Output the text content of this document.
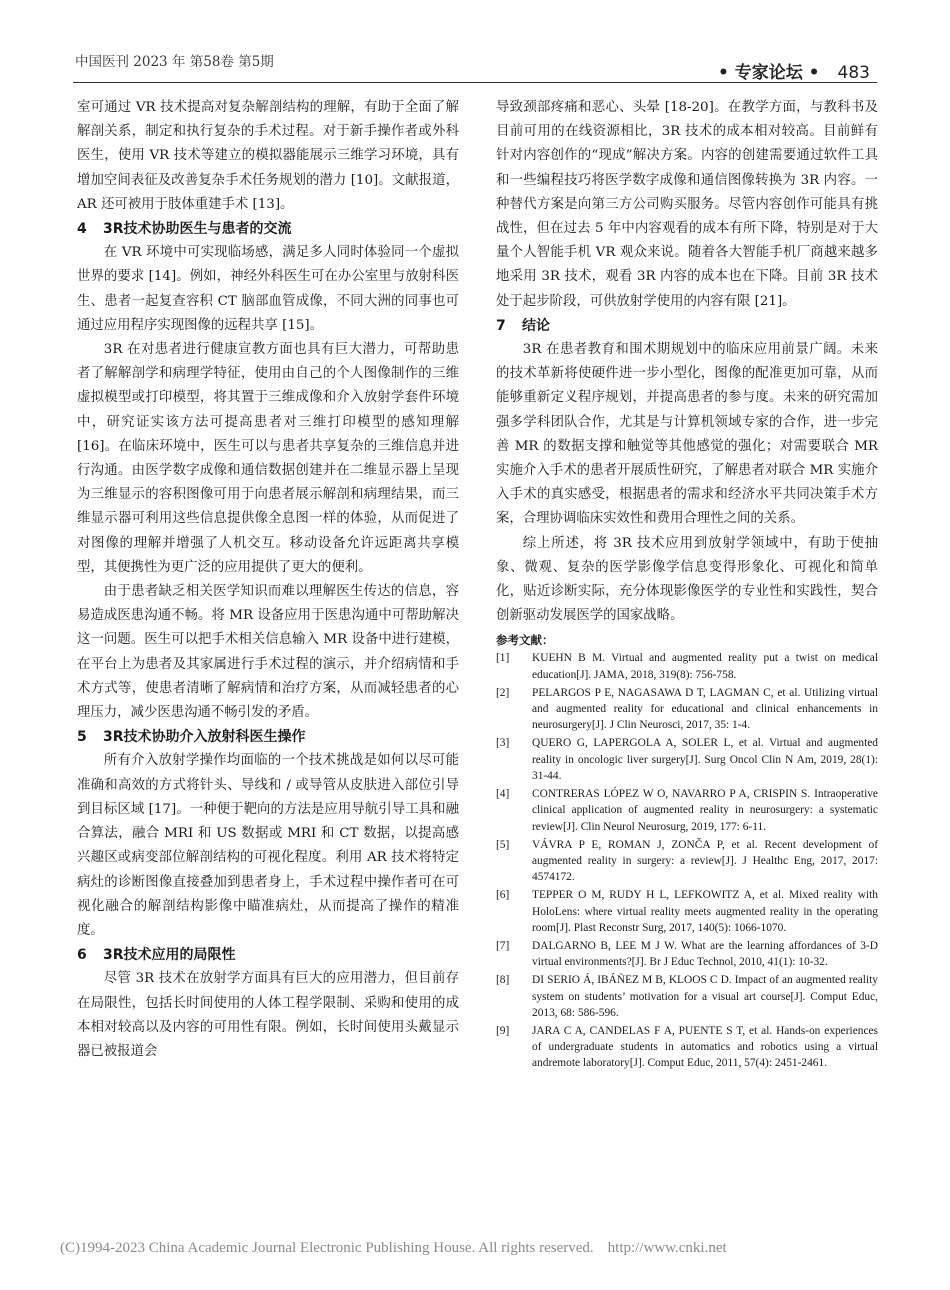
中国医刊 2023 年 第58卷 第5期
• 专家论坛 • 483

室可通过 VR 技术提高对复杂解剖结构的理解，有助于全面了解解剖关系，制定和执行复杂的手术过程。对于新手操作者或外科医生，使用 VR 技术等建立的模拟器能展示三维学习环境，具有增加空间表征及改善复杂手术任务规划的潜力 [10]。文献报道，AR 还可被用于肢体重建手术 [13]。

4 3R技术协助医生与患者的交流

在 VR 环境中可实现临场感，满足多人同时体验同一个虚拟世界的要求 [14]。例如，神经外科医生可在办公室里与放射科医生、患者一起复查容积 CT 脑部血管成像，不同大洲的同事也可通过应用程序实现图像的远程共享 [15]。

3R 在对患者进行健康宣教方面也具有巨大潜力，可帮助患者了解解剖学和病理学特征，使用由自己的个人图像制作的三维虚拟模型或打印模型，将其置于三维成像和介入放射学套件环境中，研究证实该方法可提高患者对三维打印模型的感知理解 [16]。在临床环境中，医生可以与患者共享复杂的三维信息并进行沟通。由医学数字成像和通信数据创建并在二维显示器上呈现为三维显示的容积图像可用于向患者展示解剖和病理结果，而三维显示器可利用这些信息提供像全息图一样的体验，从而促进了对图像的理解并增强了人机交互。移动设备允许远距离共享模型，其便携性为更广泛的应用提供了更大的便利。

由于患者缺乏相关医学知识而难以理解医生传达的信息，容易造成医患沟通不畅。将 MR 设备应用于医患沟通中可帮助解决这一问题。医生可以把手术相关信息输入 MR 设备中进行建模，在平台上为患者及其家属进行手术过程的演示，并介绍病情和手术方式等，使患者清晰了解病情和治疗方案，从而减轻患者的心理压力，减少医患沟通不畅引发的矛盾。

5 3R技术协助介入放射科医生操作

所有介入放射学操作均面临的一个技术挑战是如何以尽可能准确和高效的方式将针头、导线和 / 或导管从皮肤进入部位引导到目标区域 [17]。一种便于靶向的方法是应用导航引导工具和融合算法，融合 MRI 和 US 数据或 MRI 和 CT 数据，以提高感兴趣区或病变部位解剖结构的可视化程度。利用 AR 技术将特定病灶的诊断图像直接叠加到患者身上，手术过程中操作者可在可视化融合的解剖结构影像中瞄准病灶，从而提高了操作的精准度。

6 3R技术应用的局限性

尽管 3R 技术在放射学方面具有巨大的应用潜力，但目前存在局限性，包括长时间使用的人体工程学限制、采购和使用的成本相对较高以及内容的可用性有限。例如，长时间使用头戴显示器已被报道会

导致颈部疼痛和恶心、头晕 [18-20]。在教学方面，与教科书及目前可用的在线资源相比，3R 技术的成本相对较高。目前鲜有针对内容创作的“现成”解决方案。内容的创建需要通过软件工具和一些编程技巧将医学数字成像和通信图像转换为 3R 内容。一种替代方案是向第三方公司购买服务。尽管内容创作可能具有挑战性，但在过去 5 年中内容观看的成本有所下降，特别是对于大量个人智能手机 VR 观众来说。随着各大智能手机厂商越来越多地采用 3R 技术，观看 3R 内容的成本也在下降。目前 3R 技术处于起步阶段，可供放射学使用的内容有限 [21]。

7 结论

3R 在患者教育和围术期规划中的临床应用前景广阔。未来的技术革新将使硬件进一步小型化，图像的配准更加可靠，从而能够重新定义程序规划，并提高患者的参与度。未来的研究需加强多学科团队合作，尤其是与计算机领域专家的合作，进一步完善 MR 的数据支撑和触觉等其他感觉的强化；对需要联合 MR 实施介入手术的患者开展质性研究，了解患者对联合 MR 实施介入手术的真实感受，根据患者的需求和经济水平共同决策手术方案，合理协调临床实效性和费用合理性之间的关系。

综上所述，将 3R 技术应用到放射学领域中，有助于使抽象、微观、复杂的医学影像学信息变得形象化、可视化和简单化，贴近诊断实际，充分体现影像医学的专业性和实践性，契合创新驱动发展医学的国家战略。

参考文献：
[1]	KUEHN B M. Virtual and augmented reality put a twist on medical education[J]. JAMA, 2018, 319(8): 756-758.
[2]	PELARGOS P E, NAGASAWA D T, LAGMAN C, et al. Utilizing virtual and augmented reality for educational and clinical enhancements in neurosurgery[J]. J Clin Neurosci, 2017, 35: 1-4.
[3]	QUERO G, LAPERGOLA A, SOLER L, et al. Virtual and augmented reality in oncologic liver surgery[J]. Surg Oncol Clin N Am, 2019, 28(1): 31-44.
[4]	CONTRERAS LÓPEZ W O, NAVARRO P A, CRISPIN S. Intraoperative clinical application of augmented reality in neurosurgery: a systematic review[J]. Clin Neurol Neurosurg, 2019, 177: 6-11.
[5]	VÁVRA P E, ROMAN J, ZONČA P, et al. Recent development of augmented reality in surgery: a review[J]. J Healthc Eng, 2017, 2017: 4574172.
[6]	TEPPER O M, RUDY H L, LEFKOWITZ A, et al. Mixed reality with HoloLens: where virtual reality meets augmented reality in the operating room[J]. Plast Reconstr Surg, 2017, 140(5): 1066-1070.
[7]	DALGARNO B, LEE M J W. What are the learning affordances of 3-D virtual environments?[J]. Br J Educ Technol, 2010, 41(1): 10-32.
[8]	DI SERIO Á, IBÁÑEZ M B, KLOOS C D. Impact of an augmented reality system on students’ motivation for a visual art course[J]. Comput Educ, 2013, 68: 586-596.
[9]	JARA C A, CANDELAS F A, PUENTE S T, et al. Hands-on experiences of undergraduate students in automatics and robotics using a virtual andremote laboratory[J]. Comput Educ, 2011, 57(4): 2451-2461.
(C)1994-2023 China Academic Journal Electronic Publishing House. All rights reserved. http://www.cnki.net
